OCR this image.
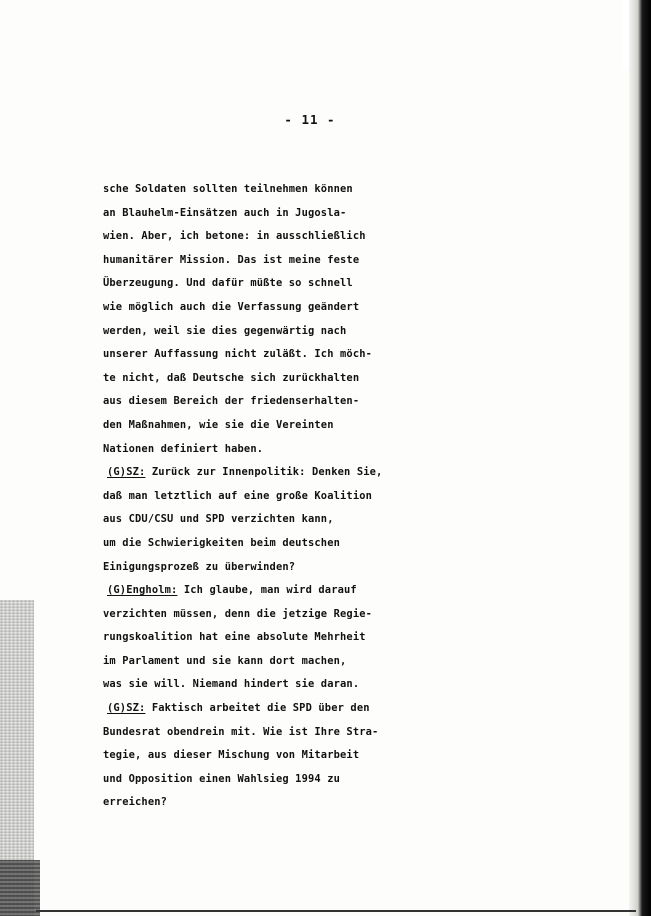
- 11 -
sche Soldaten sollten teilnehmen können
an Blauhelm-Einsätzen auch in Jugosla-
wien. Aber, ich betone: in ausschließlich
humanitärer Mission. Das ist meine feste
Überzeugung. Und dafür müßte so schnell
wie möglich auch die Verfassung geändert
werden, weil sie dies gegenwärtig nach
unserer Auffassung nicht zuläßt. Ich möch-
te nicht, daß Deutsche sich zurückhalten
aus diesem Bereich der friedenserhalten-
den Maßnahmen, wie sie die Vereinten
Nationen definiert haben.
(G)SZ: Zurück zur Innenpolitik: Denken Sie,
daß man letztlich auf eine große Koalition
aus CDU/CSU und SPD verzichten kann,
um die Schwierigkeiten beim deutschen
Einigungsprozeß zu überwinden?
(G)Engholm: Ich glaube, man wird darauf
verzichten müssen, denn die jetzige Regie-
rungskoalition hat eine absolute Mehrheit
im Parlament und sie kann dort machen,
was sie will. Niemand hindert sie daran.
(G)SZ: Faktisch arbeitet die SPD über den
Bundesrat obendrein mit. Wie ist Ihre Stra-
tegie, aus dieser Mischung von Mitarbeit
und Opposition einen Wahlsieg 1994 zu
erreichen?
